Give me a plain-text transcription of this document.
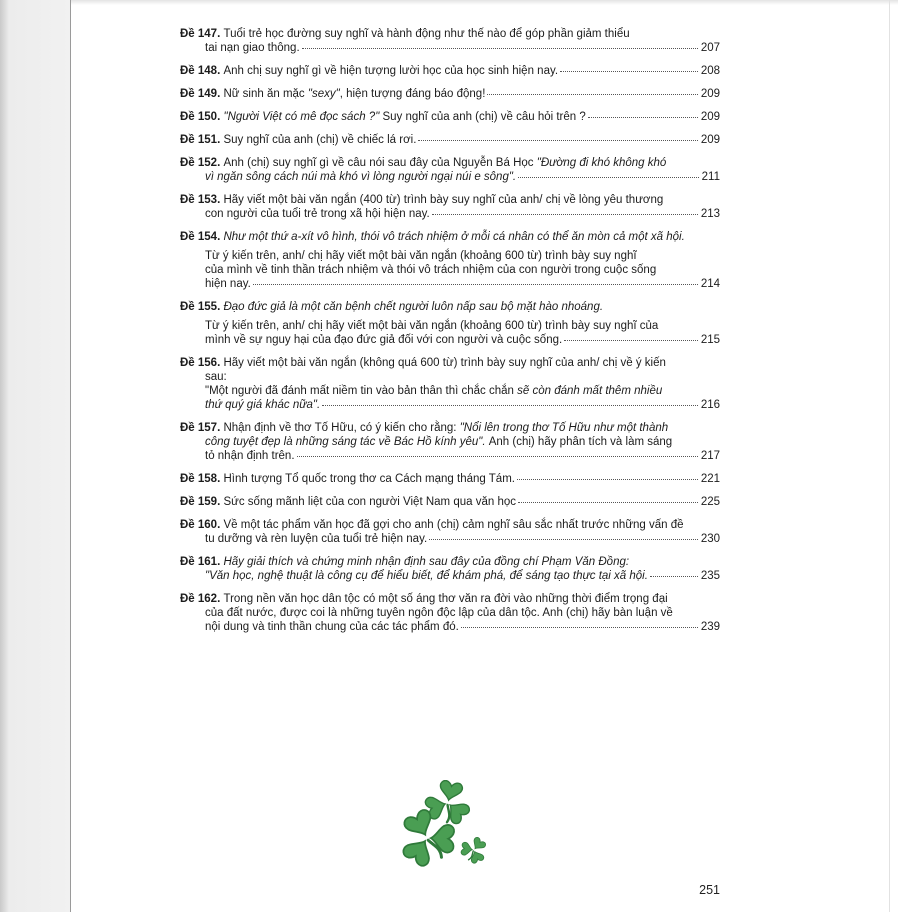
Đề 147. Tuổi trẻ học đường suy nghĩ và hành động như thế nào để góp phần giảm thiểu
tai nạn giao thông.	207
Đề 148. Anh chị suy nghĩ gì về hiện tượng lười học của học sinh hiện nay.	208
Đề 149. Nữ sinh ăn mặc "sexy", hiện tượng đáng báo động!	209
Đề 150. "Người Việt có mê đọc sách ?" Suy nghĩ của anh (chị) về câu hỏi trên ?	209
Đề 151. Suy nghĩ của anh (chị) về chiếc lá rơi.	209
Đề 152. Anh (chị) suy nghĩ gì về câu nói sau đây của Nguyễn Bá Học "Đường đi khó không khó
vì ngăn sông cách núi mà khó vì lòng người ngại núi e sông".	211
Đề 153. Hãy viết một bài văn ngắn (400 từ) trình bày suy nghĩ của anh/ chị về lòng yêu thương
con người của tuổi trẻ trong xã hội hiện nay.	213
Đề 154. Như một thứ a-xít vô hình, thói vô trách nhiệm ở mỗi cá nhân có thể ăn mòn cả một xã hội.
Từ ý kiến trên, anh/ chị hãy viết một bài văn ngắn (khoảng 600 từ) trình bày suy nghĩ
của mình về tinh thần trách nhiệm và thói vô trách nhiệm của con người trong cuộc sống
hiện nay.	214
Đề 155. Đạo đức giả là một căn bệnh chết người luôn nấp sau bộ mặt hào nhoáng.
Từ ý kiến trên, anh/ chị hãy viết một bài văn ngắn (khoảng 600 từ) trình bày suy nghĩ của
mình về sự nguy hại của đạo đức giả đối với con người và cuộc sống.	215
Đề 156. Hãy viết một bài văn ngắn (không quá 600 từ) trình bày suy nghĩ của anh/ chị về ý kiến
sau:
"Một người đã đánh mất niềm tin vào bản thân thì chắc chắn sẽ còn đánh mất thêm nhiều
thứ quý giá khác nữa".	216
Đề 157. Nhận định về thơ Tố Hữu, có ý kiến cho rằng: "Nổi lên trong thơ Tố Hữu như một thành
công tuyệt đẹp là những sáng tác về Bác Hồ kính yêu". Anh (chị) hãy phân tích và làm sáng
tỏ nhận định trên.	217
Đề 158. Hình tượng Tổ quốc trong thơ ca Cách mạng tháng Tám.	221
Đề 159. Sức sống mãnh liệt của con người Việt Nam qua văn học	225
Đề 160. Về một tác phẩm văn học đã gợi cho anh (chị) cảm nghĩ sâu sắc nhất trước những vấn đề
tu dưỡng và rèn luyện của tuổi trẻ hiện nay.	230
Đề 161. Hãy giải thích và chứng minh nhận định sau đây của đồng chí Phạm Văn Đồng:
"Văn học, nghệ thuật là công cụ để hiểu biết, để khám phá, để sáng tạo thực tại xã hội.	235
Đề 162. Trong nền văn học dân tộc có một số áng thơ văn ra đời vào những thời điểm trọng đại
của đất nước, được coi là những tuyên ngôn độc lập của dân tộc. Anh (chị) hãy bàn luận về
nội dung và tinh thần chung của các tác phẩm đó.	239
251
